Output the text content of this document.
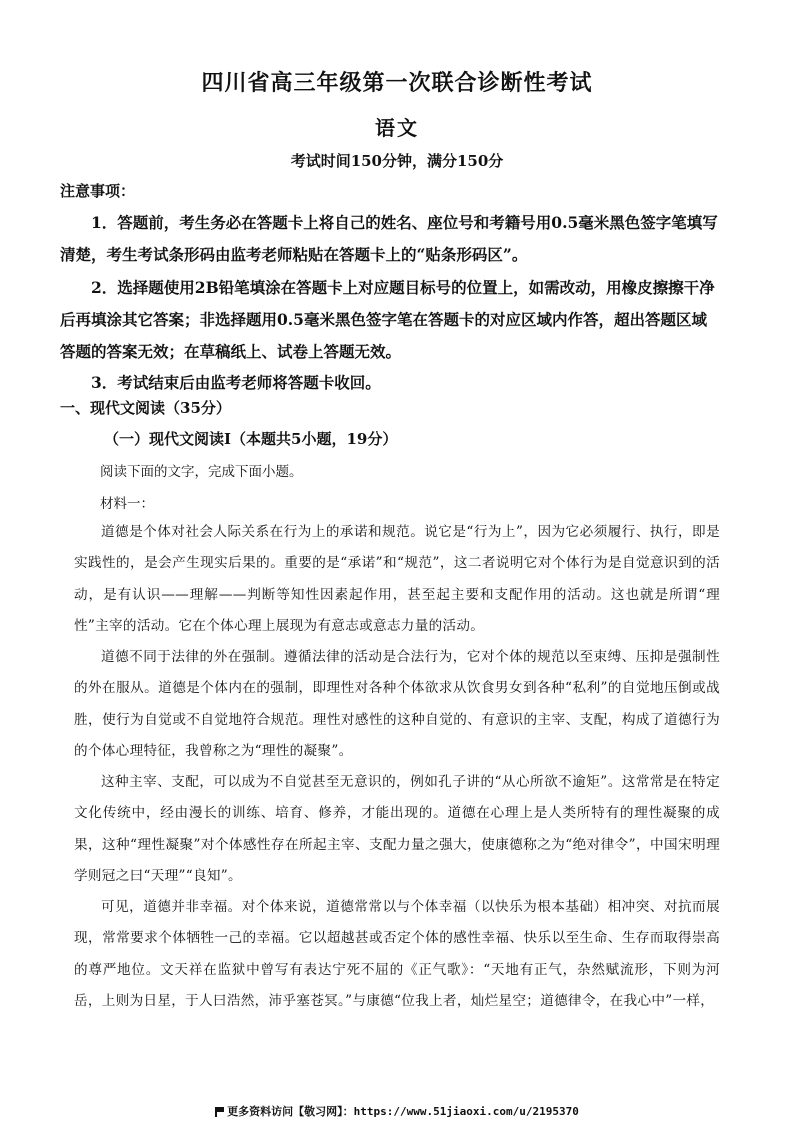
四川省高三年级第一次联合诊断性考试
语文
考试时间150分钟，满分150分
注意事项：

1．答题前，考生务必在答题卡上将自己的姓名、座位号和考籍号用0.5毫米黑色签字笔填写清楚，考生考试条形码由监考老师粘贴在答题卡上的“贴条形码区”。

2．选择题使用2B铅笔填涂在答题卡上对应题目标号的位置上，如需改动，用橡皮擦擦干净后再填涂其它答案；非选择题用0.5毫米黑色签字笔在答题卡的对应区域内作答，超出答题区域答题的答案无效；在草稿纸上、试卷上答题无效。

3．考试结束后由监考老师将答题卡收回。

一、现代文阅读（35分）
（一）现代文阅读Ⅰ（本题共5小题，19分）
阅读下面的文字，完成下面小题。
材料一：

道德是个体对社会人际关系在行为上的承诺和规范。说它是“行为上”，因为它必须履行、执行，即是实践性的，是会产生现实后果的。重要的是“承诺”和“规范”，这二者说明它对个体行为是自觉意识到的活动，是有认识——理解——判断等知性因素起作用，甚至起主要和支配作用的活动。这也就是所谓“理性”主宰的活动。它在个体心理上展现为有意志或意志力量的活动。

道德不同于法律的外在强制。遵循法律的活动是合法行为，它对个体的规范以至束缚、压抑是强制性的外在服从。道德是个体内在的强制，即理性对各种个体欲求从饮食男女到各种“私利”的自觉地压倒或战胜，使行为自觉或不自觉地符合规范。理性对感性的这种自觉的、有意识的主宰、支配，构成了道德行为的个体心理特征，我曾称之为“理性的凝聚”。

这种主宰、支配，可以成为不自觉甚至无意识的，例如孔子讲的“从心所欲不逾矩”。这常常是在特定文化传统中，经由漫长的训练、培育、修养，才能出现的。道德在心理上是人类所特有的理性凝聚的成果，这种“理性凝聚”对个体感性存在所起主宰、支配力量之强大，使康德称之为“绝对律令”，中国宋明理学则冠之曰“天理”“良知”。

可见，道德并非幸福。对个体来说，道德常常以与个体幸福（以快乐为根本基础）相冲突、对抗而展现，常常要求个体牺牲一己的幸福。它以超越甚或否定个体的感性幸福、快乐以至生命、生存而取得崇高的尊严地位。文天祥在监狱中曾写有表达宁死不屈的《正气歌》：“天地有正气，杂然赋流形，下则为河岳，上则为日星，于人曰浩然，沛乎塞苍冥。”与康德“位我上者，灿烂星空；道德律令，在我心中”一样，

更多资料访问【敬习网】：https://www.51jiaoxi.com/u/2195370
